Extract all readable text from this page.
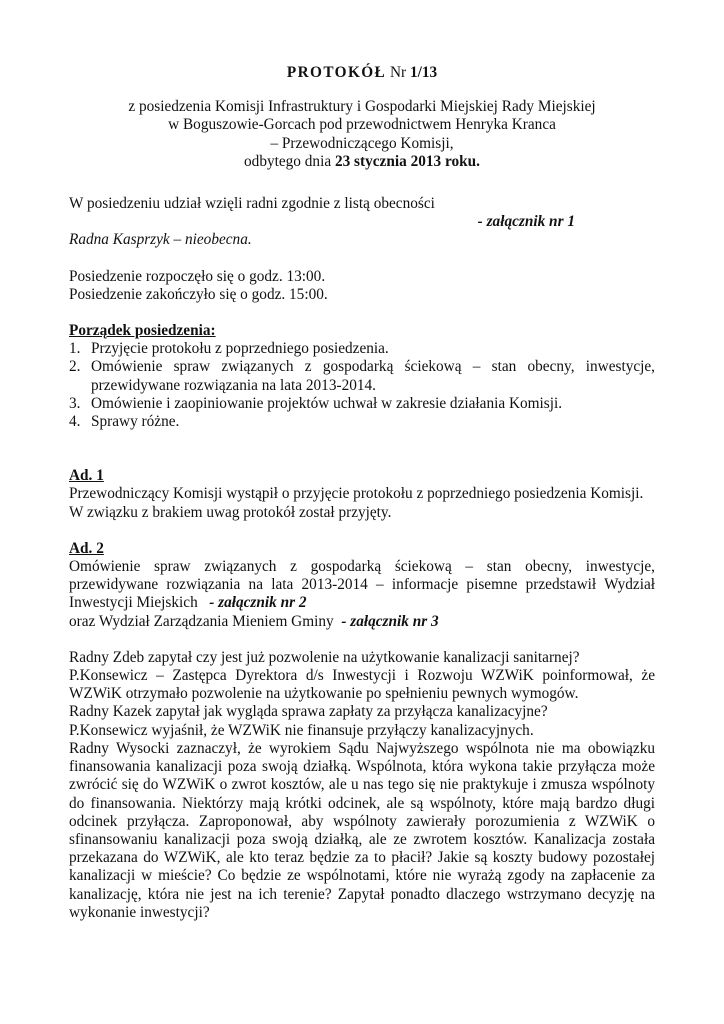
PROTOKÓŁ Nr 1/13

z posiedzenia Komisji Infrastruktury i Gospodarki Miejskiej Rady Miejskiej

w Boguszowie-Gorcach pod przewodnictwem Henryka Kranca

– Przewodniczącego Komisji,

odbytego dnia 23 stycznia 2013 roku.

W posiedzeniu udział wzięli radni zgodnie z listą obecności

- załącznik nr 1

Radna Kasprzyk – nieobecna.

Posiedzenie rozpoczęło się o godz. 13:00.

Posiedzenie zakończyło się o godz. 15:00.

Porządek posiedzenia:

1. Przyjęcie protokołu z poprzedniego posiedzenia.
2. Omówienie spraw związanych z gospodarką ściekową – stan obecny, inwestycje, przewidywane rozwiązania na lata 2013-2014.
3. Omówienie i zaopiniowanie projektów uchwał w zakresie działania Komisji.
4. Sprawy różne.

Ad. 1

Przewodniczący Komisji wystąpił o przyjęcie protokołu z poprzedniego posiedzenia Komisji.

W związku z brakiem uwag protokół został przyjęty.

Ad. 2

Omówienie spraw związanych z gospodarką ściekową – stan obecny, inwestycje, przewidywane rozwiązania na lata 2013-2014 – informacje pisemne przedstawił Wydział Inwestycji Miejskich - załącznik nr 2

oraz Wydział Zarządzania Mieniem Gminy - załącznik nr 3

Radny Zdeb zapytał czy jest już pozwolenie na użytkowanie kanalizacji sanitarnej?

P.Konsewicz – Zastępca Dyrektora d/s Inwestycji i Rozwoju WZWiK poinformował, że WZWiK otrzymało pozwolenie na użytkowanie po spełnieniu pewnych wymogów.

Radny Kazek zapytał jak wygląda sprawa zapłaty za przyłącza kanalizacyjne?

P.Konsewicz wyjaśnił, że WZWiK nie finansuje przyłączy kanalizacyjnych.

Radny Wysocki zaznaczył, że wyrokiem Sądu Najwyższego wspólnota nie ma obowiązku finansowania kanalizacji poza swoją działką. Wspólnota, która wykona takie przyłącza może zwrócić się do WZWiK o zwrot kosztów, ale u nas tego się nie praktykuje i zmusza wspólnoty do finansowania. Niektórzy mają krótki odcinek, ale są wspólnoty, które mają bardzo długi odcinek przyłącza. Zaproponował, aby wspólnoty zawierały porozumienia z WZWiK o sfinansowaniu kanalizacji poza swoją działką, ale ze zwrotem kosztów. Kanalizacja została przekazana do WZWiK, ale kto teraz będzie za to płacił? Jakie są koszty budowy pozostałej kanalizacji w mieście? Co będzie ze wspólnotami, które nie wyrażą zgody na zapłacenie za kanalizację, która nie jest na ich terenie? Zapytał ponadto dlaczego wstrzymano decyzję na wykonanie inwestycji?
